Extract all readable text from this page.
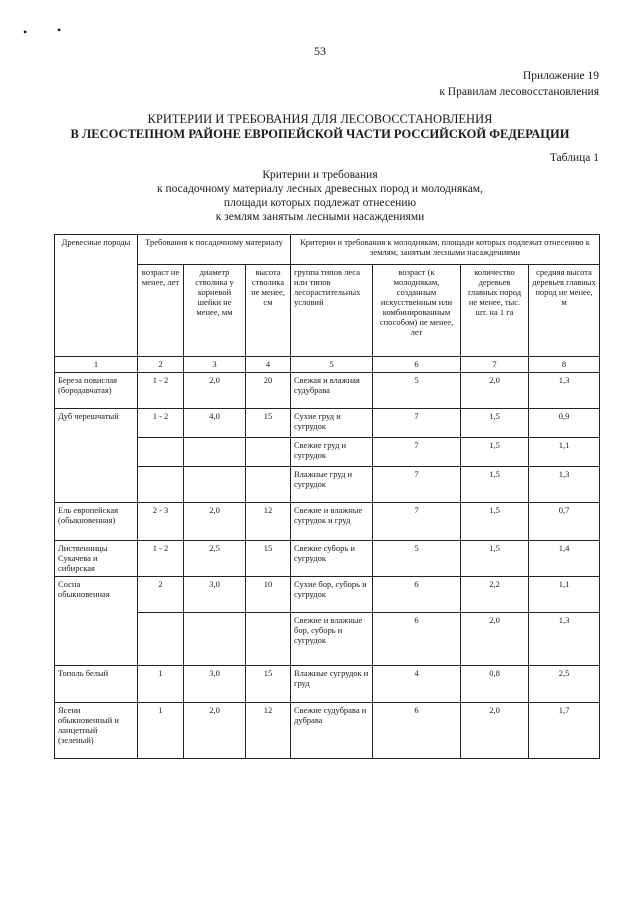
• •
53
Приложение 19
к Правилам лесовосстановления
КРИТЕРИИ И ТРЕБОВАНИЯ ДЛЯ ЛЕСОВОССТАНОВЛЕНИЯ
В ЛЕСОСТЕПНОМ РАЙОНЕ ЕВРОПЕЙСКОЙ ЧАСТИ РОССИЙСКОЙ ФЕДЕРАЦИИ
Таблица 1
Критерии и требования
к посадочному материалу лесных древесных пород и молоднякам,
площади которых подлежат отнесению
к землям занятым лесными насаждениями
Древесные породы	Требования к посадочному материалу			Критерии и требования к молоднякам, площади которых подлежат отнесению к землям, занятым лесными насаждениями			
	возраст не менее, лет	диаметр стволика у корневой шейки не менее, мм	высота стволика не менее, см	группа типов леса или типов лесорастительных условий	возраст (к молоднякам, созданным искусственным или комбинированным способом) не менее, лет	количество деревьев главных пород не менее, тыс. шт. на 1 га	средняя высота деревьев главных пород не менее, м
1	2	3	4	5	6	7	8
Береза повислая (бородавчатая)	1 - 2	2,0	20	Свежая и влажная судубрава	5	2,0	1,3
Дуб черешчатый	1 - 2	4,0	15	Сухие груд и сугрудок	7	1,5	0,9
				Свежие груд и сугрудок	7	1,5	1,1
				Влажные груд и сугрудок	7	1,5	1,3
Ель европейская (обыкновенная)	2 - 3	2,0	12	Свежие и влажные сугрудок и груд	7	1,5	0,7
Лиственницы Сукачева и сибирская	1 - 2	2,5	15	Свежие суборь и сугрудок	5	1,5	1,4
Сосна обыкновенная	2	3,0	10	Сухие бор, суборь и сугрудок	6	2,2	1,1
				Свежие и влажные бор, суборь и сугрудок	6	2,0	1,3
Тополь белый	1	3,0	15	Влажные сугрудок и груд	4	0,8	2,5
Ясени обыкновенный и ланцетный (зеленый)	1	2,0	12	Свежие судубрава и дубрава	6	2,0	1,7
